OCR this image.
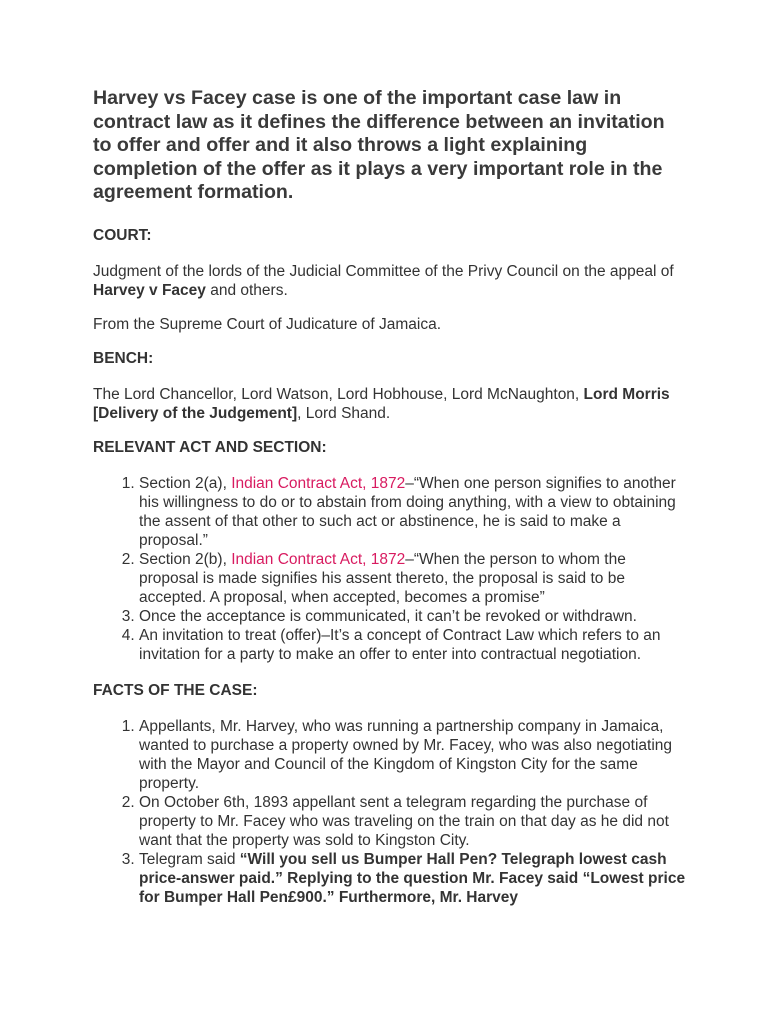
Harvey vs Facey case is one of the important case law in contract law as it defines the difference between an invitation to offer and offer and it also throws a light explaining completion of the offer as it plays a very important role in the agreement formation.
COURT:

Judgment of the lords of the Judicial Committee of the Privy Council on the appeal of Harvey v Facey and others.

From the Supreme Court of Judicature of Jamaica.

BENCH:

The Lord Chancellor, Lord Watson, Lord Hobhouse, Lord McNaughton, Lord Morris [Delivery of the Judgement], Lord Shand.

RELEVANT ACT AND SECTION:
1. Section 2(a), Indian Contract Act, 1872–“When one person signifies to another his willingness to do or to abstain from doing anything, with a view to obtaining the assent of that other to such act or abstinence, he is said to make a proposal.”
2. Section 2(b), Indian Contract Act, 1872–“When the person to whom the proposal is made signifies his assent thereto, the proposal is said to be accepted. A proposal, when accepted, becomes a promise”
3. Once the acceptance is communicated, it can’t be revoked or withdrawn.
4. An invitation to treat (offer)–It’s a concept of Contract Law which refers to an invitation for a party to make an offer to enter into contractual negotiation.
FACTS OF THE CASE:
1. Appellants, Mr. Harvey, who was running a partnership company in Jamaica, wanted to purchase a property owned by Mr. Facey, who was also negotiating with the Mayor and Council of the Kingdom of Kingston City for the same property.
2. On October 6th, 1893 appellant sent a telegram regarding the purchase of property to Mr. Facey who was traveling on the train on that day as he did not want that the property was sold to Kingston City.
3. Telegram said “Will you sell us Bumper Hall Pen? Telegraph lowest cash price-answer paid.” Replying to the question Mr. Facey said “Lowest price for Bumper Hall Pen£900.” Furthermore, Mr. Harvey
